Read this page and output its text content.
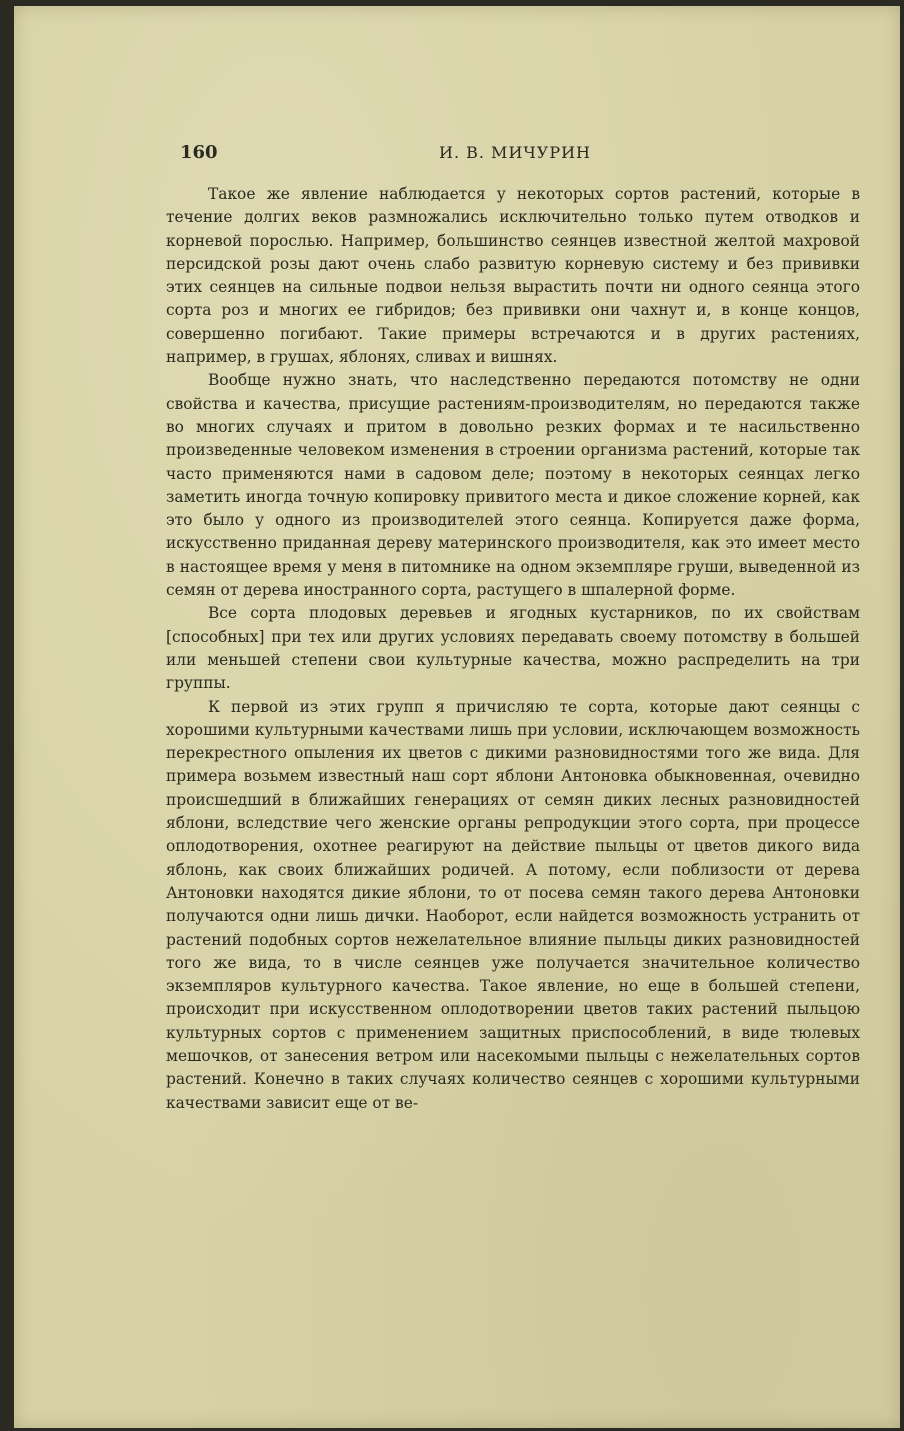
160	И. В. МИЧУРИН

Такое же явление наблюдается у некоторых сортов растений, которые в течение долгих веков размножались исключительно только путем отводков и корневой порослью. Например, большинство сеянцев известной желтой махровой персидской розы дают очень слабо развитую корневую систему и без прививки этих сеянцев на сильные подвои нельзя вырастить почти ни одного сеянца этого сорта роз и многих ее гибридов; без прививки они чахнут и, в конце концов, совершенно погибают. Такие примеры встречаются и в других растениях, например, в грушах, яблонях, сливах и вишнях.

Вообще нужно знать, что наследственно передаются потомству не одни свойства и качества, присущие растениям-производителям, но передаются также во многих случаях и притом в довольно резких формах и те насильственно произведенные человеком изменения в строении организма растений, которые так часто применяются нами в садовом деле; поэтому в некоторых сеянцах легко заметить иногда точную копировку привитого места и дикое сложение корней, как это было у одного из производителей этого сеянца. Копируется даже форма, искусственно приданная дереву материнского производителя, как это имеет место в настоящее время у меня в питомнике на одном экземпляре груши, выведенной из семян от дерева иностранного сорта, растущего в шпалерной форме.

Все сорта плодовых деревьев и ягодных кустарников, по их свойствам [способных] при тех или других условиях передавать своему потомству в большей или меньшей степени свои культурные качества, можно распределить на три группы.

К первой из этих групп я причисляю те сорта, которые дают сеянцы с хорошими культурными качествами лишь при условии, исключающем возможность перекрестного опыления их цветов с дикими разновидностями того же вида. Для примера возьмем известный наш сорт яблони Антоновка обыкновенная, очевидно происшедший в ближайших генерациях от семян диких лесных разновидностей яблони, вследствие чего женские органы репродукции этого сорта, при процессе оплодотворения, охотнее реагируют на действие пыльцы от цветов дикого вида яблонь, как своих ближайших родичей. А потому, если поблизости от дерева Антоновки находятся дикие яблони, то от посева семян такого дерева Антоновки получаются одни лишь дички. Наоборот, если найдется возможность устранить от растений подобных сортов нежелательное влияние пыльцы диких разновидностей того же вида, то в числе сеянцев уже получается значительное количество экземпляров культурного качества. Такое явление, но еще в большей степени, происходит при искусственном оплодотворении цветов таких растений пыльцою культурных сортов с применением защитных приспособлений, в виде тюлевых мешочков, от занесения ветром или насекомыми пыльцы с нежелательных сортов растений. Конечно в таких случаях количество сеянцев с хорошими культурными качествами зависит еще от ве-
